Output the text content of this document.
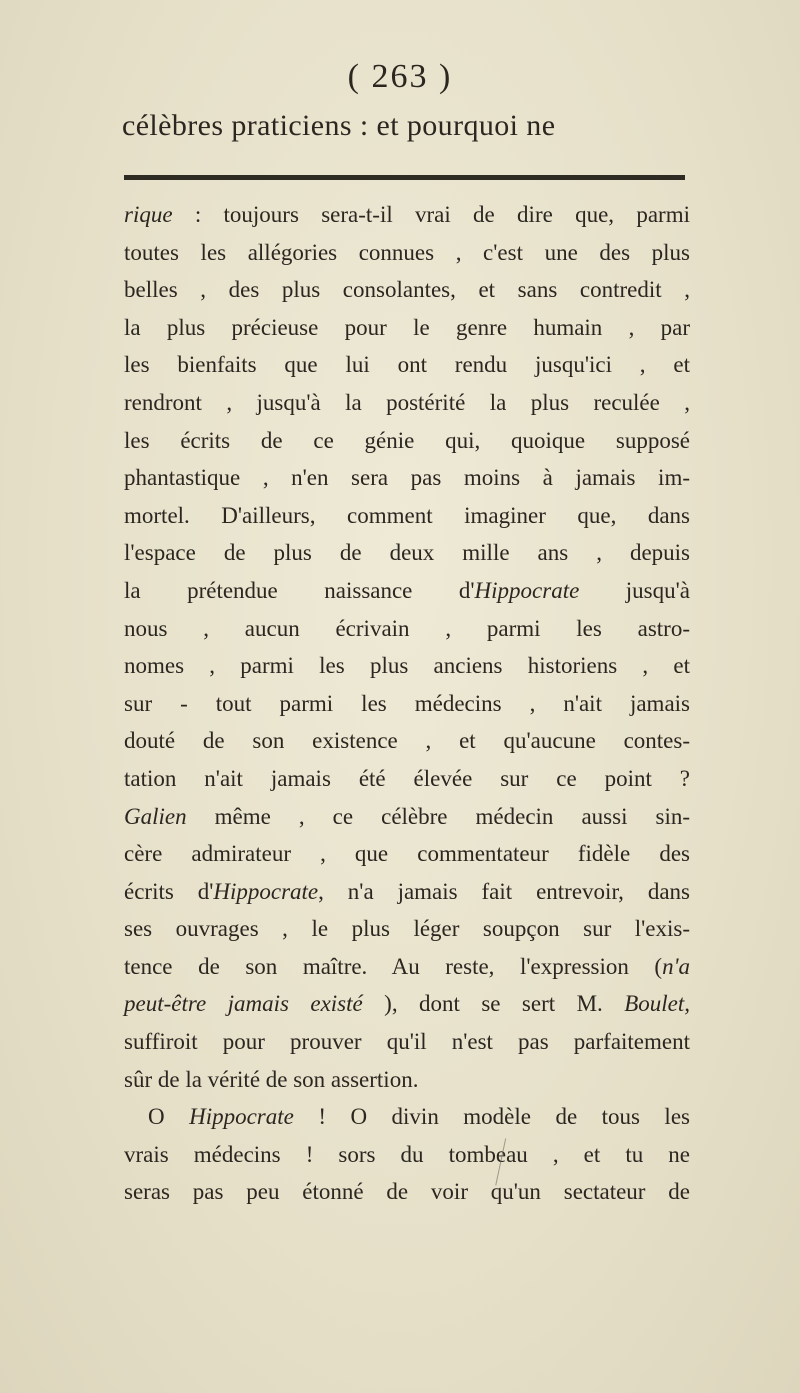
( 263 )
célèbres praticiens : et pourquoi ne
rique : toujours sera-t-il vrai de dire que, parmi
toutes les allégories connues , c'est une des plus
belles , des plus consolantes, et sans contredit ,
la plus précieuse pour le genre humain , par
les bienfaits que lui ont rendu jusqu'ici , et
rendront , jusqu'à la postérité la plus reculée ,
les écrits de ce génie qui, quoique supposé
phantastique , n'en sera pas moins à jamais im-
mortel. D'ailleurs, comment imaginer que, dans
l'espace de plus de deux mille ans , depuis
la prétendue naissance d'Hippocrate jusqu'à
nous , aucun écrivain , parmi les astro-
nomes , parmi les plus anciens historiens , et
sur - tout parmi les médecins , n'ait jamais
douté de son existence , et qu'aucune contes-
tation n'ait jamais été élevée sur ce point ?
Galien même , ce célèbre médecin aussi sin-
cère admirateur , que commentateur fidèle des
écrits d'Hippocrate, n'a jamais fait entrevoir, dans
ses ouvrages , le plus léger soupçon sur l'exis-
tence de son maître. Au reste, l'expression (n'a
peut-être jamais existé ), dont se sert M. Boulet,
suffiroit pour prouver qu'il n'est pas parfaitement
sûr de la vérité de son assertion.
O Hippocrate ! O divin modèle de tous les
vrais médecins ! sors du tombeau , et tu ne
seras pas peu étonné de voir qu'un sectateur de
